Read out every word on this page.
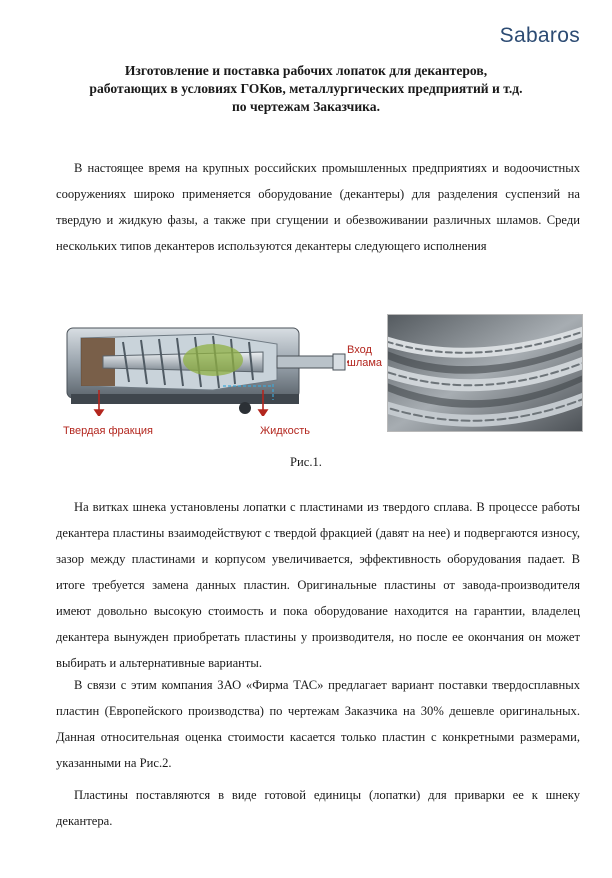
Sabaros
Изготовление и поставка рабочих лопаток для декантеров,
работающих в условиях ГОКов, металлургических предприятий и т.д.
по чертежам Заказчика.
В настоящее время на крупных российских промышленных предприятиях и водоочистных сооружениях широко применяется оборудование (декантеры) для разделения суспензий на твердую и жидкую фазы, а также при сгущении и обезвоживании различных шламов. Среди нескольких типов декантеров используются декантеры следующего исполнения
Вход
шлама
Твердая фракция	Жидкость
Рис.1.
На витках шнека установлены лопатки с пластинами из твердого сплава. В процессе работы декантера пластины взаимодействуют с твердой фракцией (давят на нее) и подвергаются износу, зазор между пластинами и корпусом увеличивается, эффективность оборудования падает. В итоге требуется замена данных пластин. Оригинальные пластины от завода-производителя имеют довольно высокую стоимость и пока оборудование находится на гарантии, владелец декантера вынужден приобретать пластины у производителя, но после ее окончания он может выбирать и альтернативные варианты.
В связи с этим компания ЗАО «Фирма ТАС» предлагает вариант поставки твердосплавных пластин (Европейского производства) по чертежам Заказчика на 30% дешевле оригинальных. Данная относительная оценка стоимости касается только пластин с конкретными размерами, указанными на Рис.2.
Пластины поставляются в виде готовой единицы (лопатки) для приварки ее к шнеку декантера.
